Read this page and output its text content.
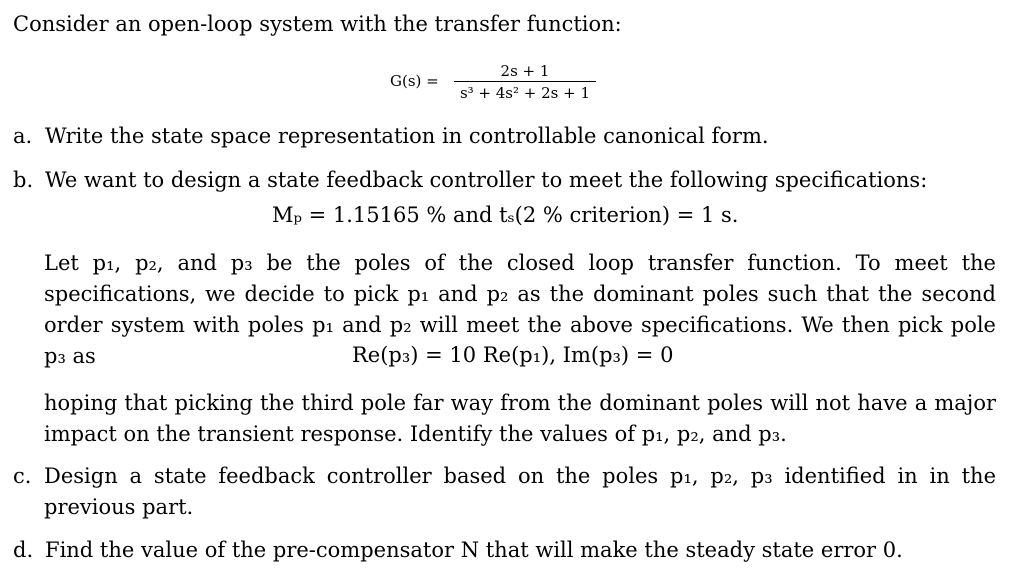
Consider an open-loop system with the transfer function:
G(s) =
2s + 1
s³ + 4s² + 2s + 1
a. Write the state space representation in controllable canonical form.
b. We want to design a state feedback controller to meet the following specifications:
Mₚ = 1.15165 % and tₛ(2 % criterion) = 1 s.
Let p₁, p₂, and p₃ be the poles of the closed loop transfer function. To meet the specifications, we decide to pick p₁ and p₂ as the dominant poles such that the second order system with poles p₁ and p₂ will meet the above specifications. We then pick pole p₃ as	Re(p₃) = 10 Re(p₁), Im(p₃) = 0
hoping that picking the third pole far way from the dominant poles will not have a major impact on the transient response. Identify the values of p₁, p₂, and p₃.
c. Design a state feedback controller based on the poles p₁, p₂, p₃ identified in in the previous part.
d. Find the value of the pre-compensator N that will make the steady state error 0.
